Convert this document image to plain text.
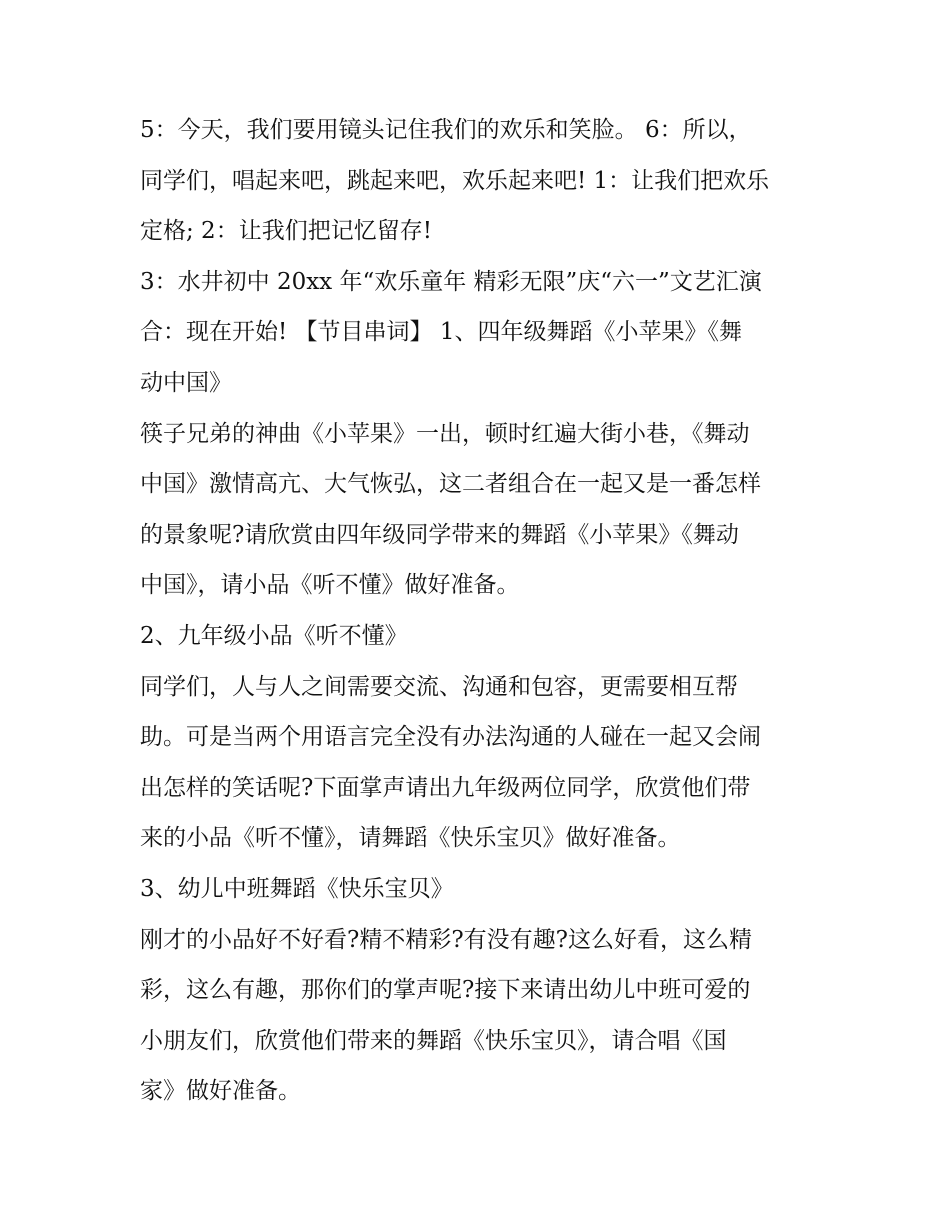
5：今天，我们要用镜头记住我们的欢乐和笑脸。 6：所以，

同学们，唱起来吧，跳起来吧，欢乐起来吧! 1：让我们把欢乐

定格; 2：让我们把记忆留存!

3：水井初中 20xx 年“欢乐童年 精彩无限”庆“六一”文艺汇演

合：现在开始! 【节目串词】 1、四年级舞蹈《小苹果》《舞

动中国》

筷子兄弟的神曲《小苹果》一出，顿时红遍大街小巷，《舞动

中国》激情高亢、大气恢弘，这二者组合在一起又是一番怎样

的景象呢?请欣赏由四年级同学带来的舞蹈《小苹果》《舞动

中国》，请小品《听不懂》做好准备。

2、九年级小品《听不懂》

同学们，人与人之间需要交流、沟通和包容，更需要相互帮

助。可是当两个用语言完全没有办法沟通的人碰在一起又会闹

出怎样的笑话呢?下面掌声请出九年级两位同学，欣赏他们带

来的小品《听不懂》，请舞蹈《快乐宝贝》做好准备。

3、幼儿中班舞蹈《快乐宝贝》

刚才的小品好不好看?精不精彩?有没有趣?这么好看，这么精

彩，这么有趣，那你们的掌声呢?接下来请出幼儿中班可爱的

小朋友们，欣赏他们带来的舞蹈《快乐宝贝》，请合唱《国

家》做好准备。
